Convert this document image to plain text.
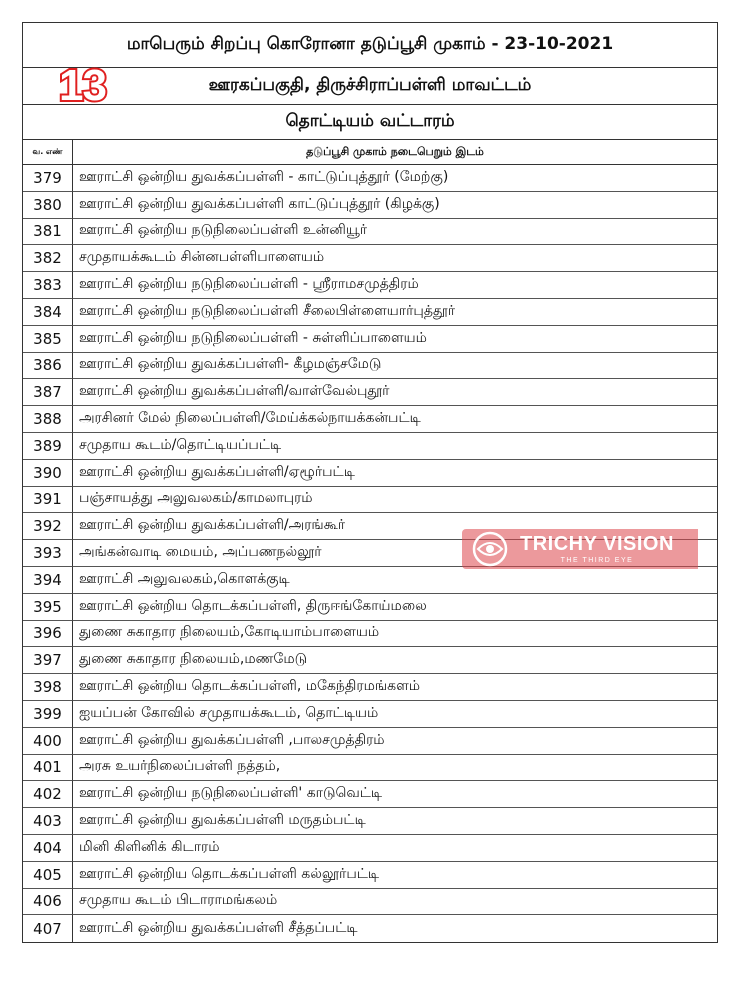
மாபெரும் சிறப்பு கொரோனா தடுப்பூசி முகாம் - 23-10-2021
13	ஊரகப்பகுதி, திருச்சிராப்பள்ளி மாவட்டம்
தொட்டியம் வட்டாரம்
வ. எண்	தடுப்பூசி முகாம் நடைபெறும் இடம்
379	ஊராட்சி ஒன்றிய துவக்கப்பள்ளி - காட்டுப்புத்தூர் (மேற்கு)
380	ஊராட்சி ஒன்றிய துவக்கப்பள்ளி காட்டுப்புத்தூர் (கிழக்கு)
381	ஊராட்சி ஒன்றிய நடுநிலைப்பள்ளி உன்னியூர்
382	சமுதாயக்கூடம் சின்னபள்ளிபாளையம்
383	ஊராட்சி ஒன்றிய நடுநிலைப்பள்ளி - ஸ்ரீராமசமுத்திரம்
384	ஊராட்சி ஒன்றிய நடுநிலைப்பள்ளி சீலைபிள்ளையார்புத்தூர்
385	ஊராட்சி ஒன்றிய நடுநிலைப்பள்ளி - சுள்ளிப்பாளையம்
386	ஊராட்சி ஒன்றிய துவக்கப்பள்ளி- கீழமஞ்சமேடு
387	ஊராட்சி ஒன்றிய துவக்கப்பள்ளி/வாள்வேல்புதூர்
388	அரசினர் மேல் நிலைப்பள்ளி/மேய்க்கல்நாயக்கன்பட்டி
389	சமுதாய கூடம்/தொட்டியப்பட்டி
390	ஊராட்சி ஒன்றிய துவக்கப்பள்ளி/ஏழூர்பட்டி
391	பஞ்சாயத்து அலுவலகம்/காமலாபுரம்
392	ஊராட்சி ஒன்றிய துவக்கப்பள்ளி/அரங்கூர்
393	அங்கன்வாடி மையம், அப்பணநல்லூர்
394	ஊராட்சி அலுவலகம்,கொளக்குடி
395	ஊராட்சி ஒன்றிய தொடக்கப்பள்ளி, திருஈங்கோய்மலை
396	துணை சுகாதார நிலையம்,கோடியாம்பாளையம்
397	துணை சுகாதார நிலையம்,மணமேடு
398	ஊராட்சி ஒன்றிய தொடக்கப்பள்ளி, மகேந்திரமங்களம்
399	ஐயப்பன் கோவில் சமுதாயக்கூடம், தொட்டியம்
400	ஊராட்சி ஒன்றிய துவக்கப்பள்ளி ,பாலசமுத்திரம்
401	அரசு உயர்நிலைப்பள்ளி நத்தம்,
402	ஊராட்சி ஒன்றிய நடுநிலைப்பள்ளி' காடுவெட்டி
403	ஊராட்சி ஒன்றிய துவக்கப்பள்ளி மருதம்பட்டி
404	மினி கிளினிக் கிடாரம்
405	ஊராட்சி ஒன்றிய தொடக்கப்பள்ளி கல்லூர்பட்டி
406	சமுதாய கூடம் பிடாராமங்கலம்
407	ஊராட்சி ஒன்றிய துவக்கப்பள்ளி சீத்தப்பட்டி
TRICHY VISION
THE THIRD EYE
